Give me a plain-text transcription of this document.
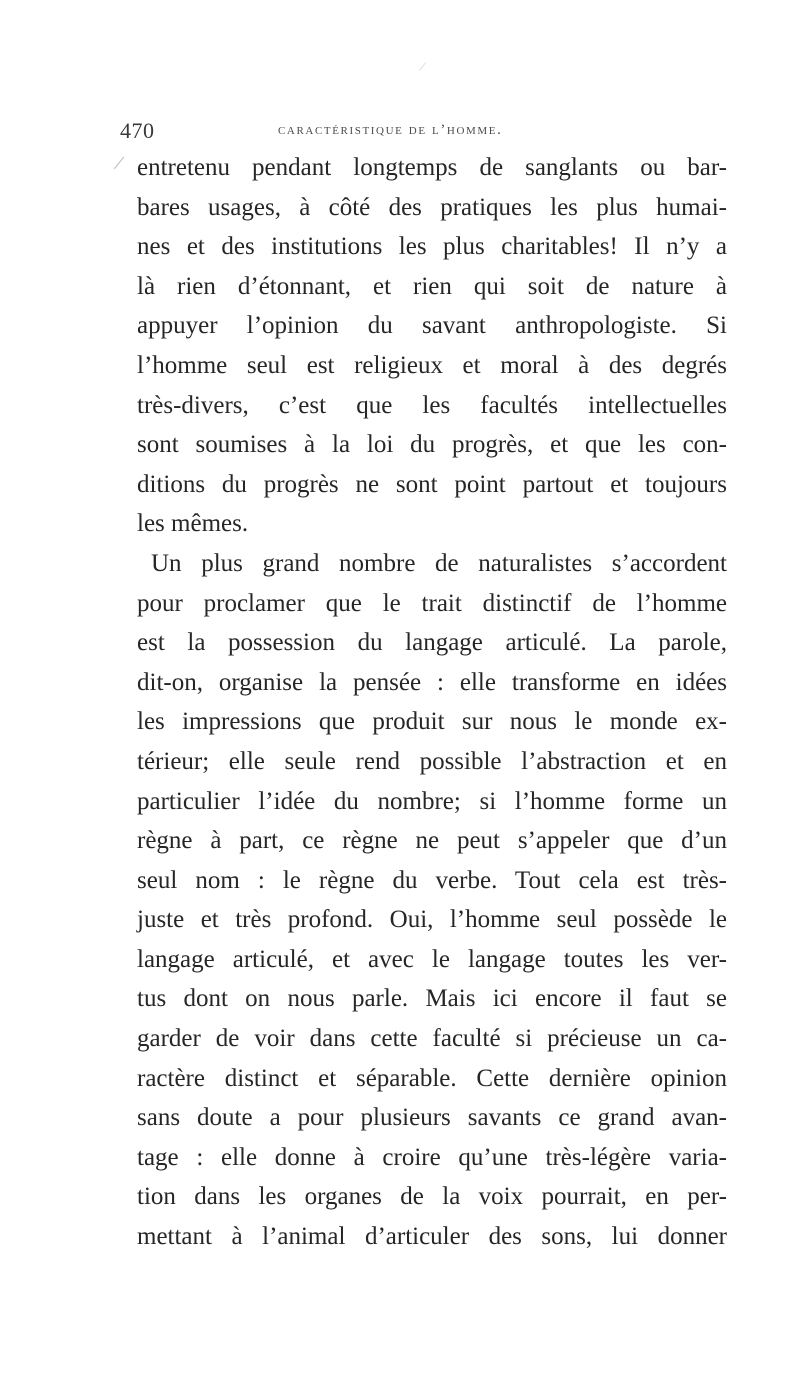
/
/
470	caractéristique de l’homme.
entretenu pendant longtemps de sanglants ou bar-
bares usages, à côté des pratiques les plus humai-
nes et des institutions les plus charitables! Il n’y a
là rien d’étonnant, et rien qui soit de nature à
appuyer l’opinion du savant anthropologiste. Si
l’homme seul est religieux et moral à des degrés
très-divers, c’est que les facultés intellectuelles
sont soumises à la loi du progrès, et que les con-
ditions du progrès ne sont point partout et toujours
les mêmes.
Un plus grand nombre de naturalistes s’accordent
pour proclamer que le trait distinctif de l’homme
est la possession du langage articulé. La parole,
dit-on, organise la pensée : elle transforme en idées
les impressions que produit sur nous le monde ex-
térieur; elle seule rend possible l’abstraction et en
particulier l’idée du nombre; si l’homme forme un
règne à part, ce règne ne peut s’appeler que d’un
seul nom : le règne du verbe. Tout cela est très-
juste et très profond. Oui, l’homme seul possède le
langage articulé, et avec le langage toutes les ver-
tus dont on nous parle. Mais ici encore il faut se
garder de voir dans cette faculté si précieuse un ca-
ractère distinct et séparable. Cette dernière opinion
sans doute a pour plusieurs savants ce grand avan-
tage : elle donne à croire qu’une très-légère varia-
tion dans les organes de la voix pourrait, en per-
mettant à l’animal d’articuler des sons, lui donner
